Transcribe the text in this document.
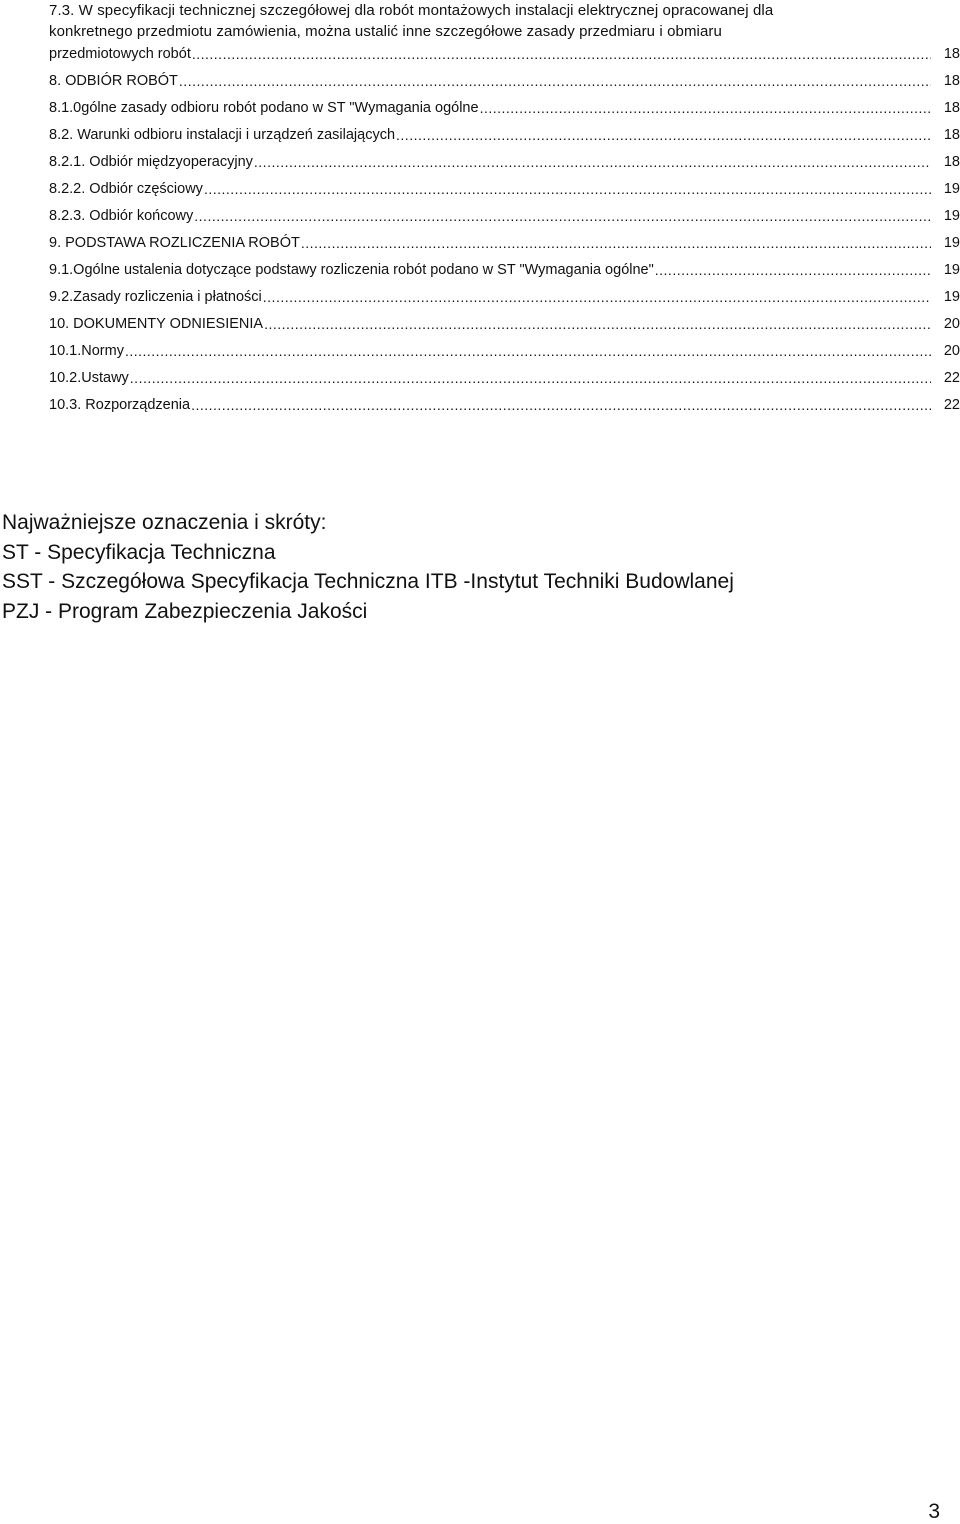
7.3. W specyfikacji technicznej szczegółowej dla robót montażowych instalacji elektrycznej opracowanej dla
konkretnego przedmiotu zamówienia, można ustalić inne szczegółowe zasady przedmiaru i obmiaru
przedmiotowych robót .....	18
8. ODBIÓR ROBÓT .....	18
8.1.0gólne zasady odbioru robót podano w ST "Wymagania ogólne .....	18
8.2. Warunki odbioru instalacji i urządzeń zasilających .....	18
8.2.1. Odbiór międzyoperacyjny .....	18
8.2.2. Odbiór częściowy .....	19
8.2.3. Odbiór końcowy .....	19
9. PODSTAWA ROZLICZENIA ROBÓT .....	19
9.1.Ogólne ustalenia dotyczące podstawy rozliczenia robót podano w ST "Wymagania ogólne" .....	19
9.2.Zasady rozliczenia i płatności .....	19
10. DOKUMENTY ODNIESIENIA .....	20
10.1.Normy .....	20
10.2.Ustawy .....	22
10.3. Rozporządzenia .....	22
Najważniejsze oznaczenia i skróty:
ST - Specyfikacja Techniczna
SST - Szczegółowa Specyfikacja Techniczna ITB -Instytut Techniki Budowlanej
PZJ - Program Zabezpieczenia Jakości
3
